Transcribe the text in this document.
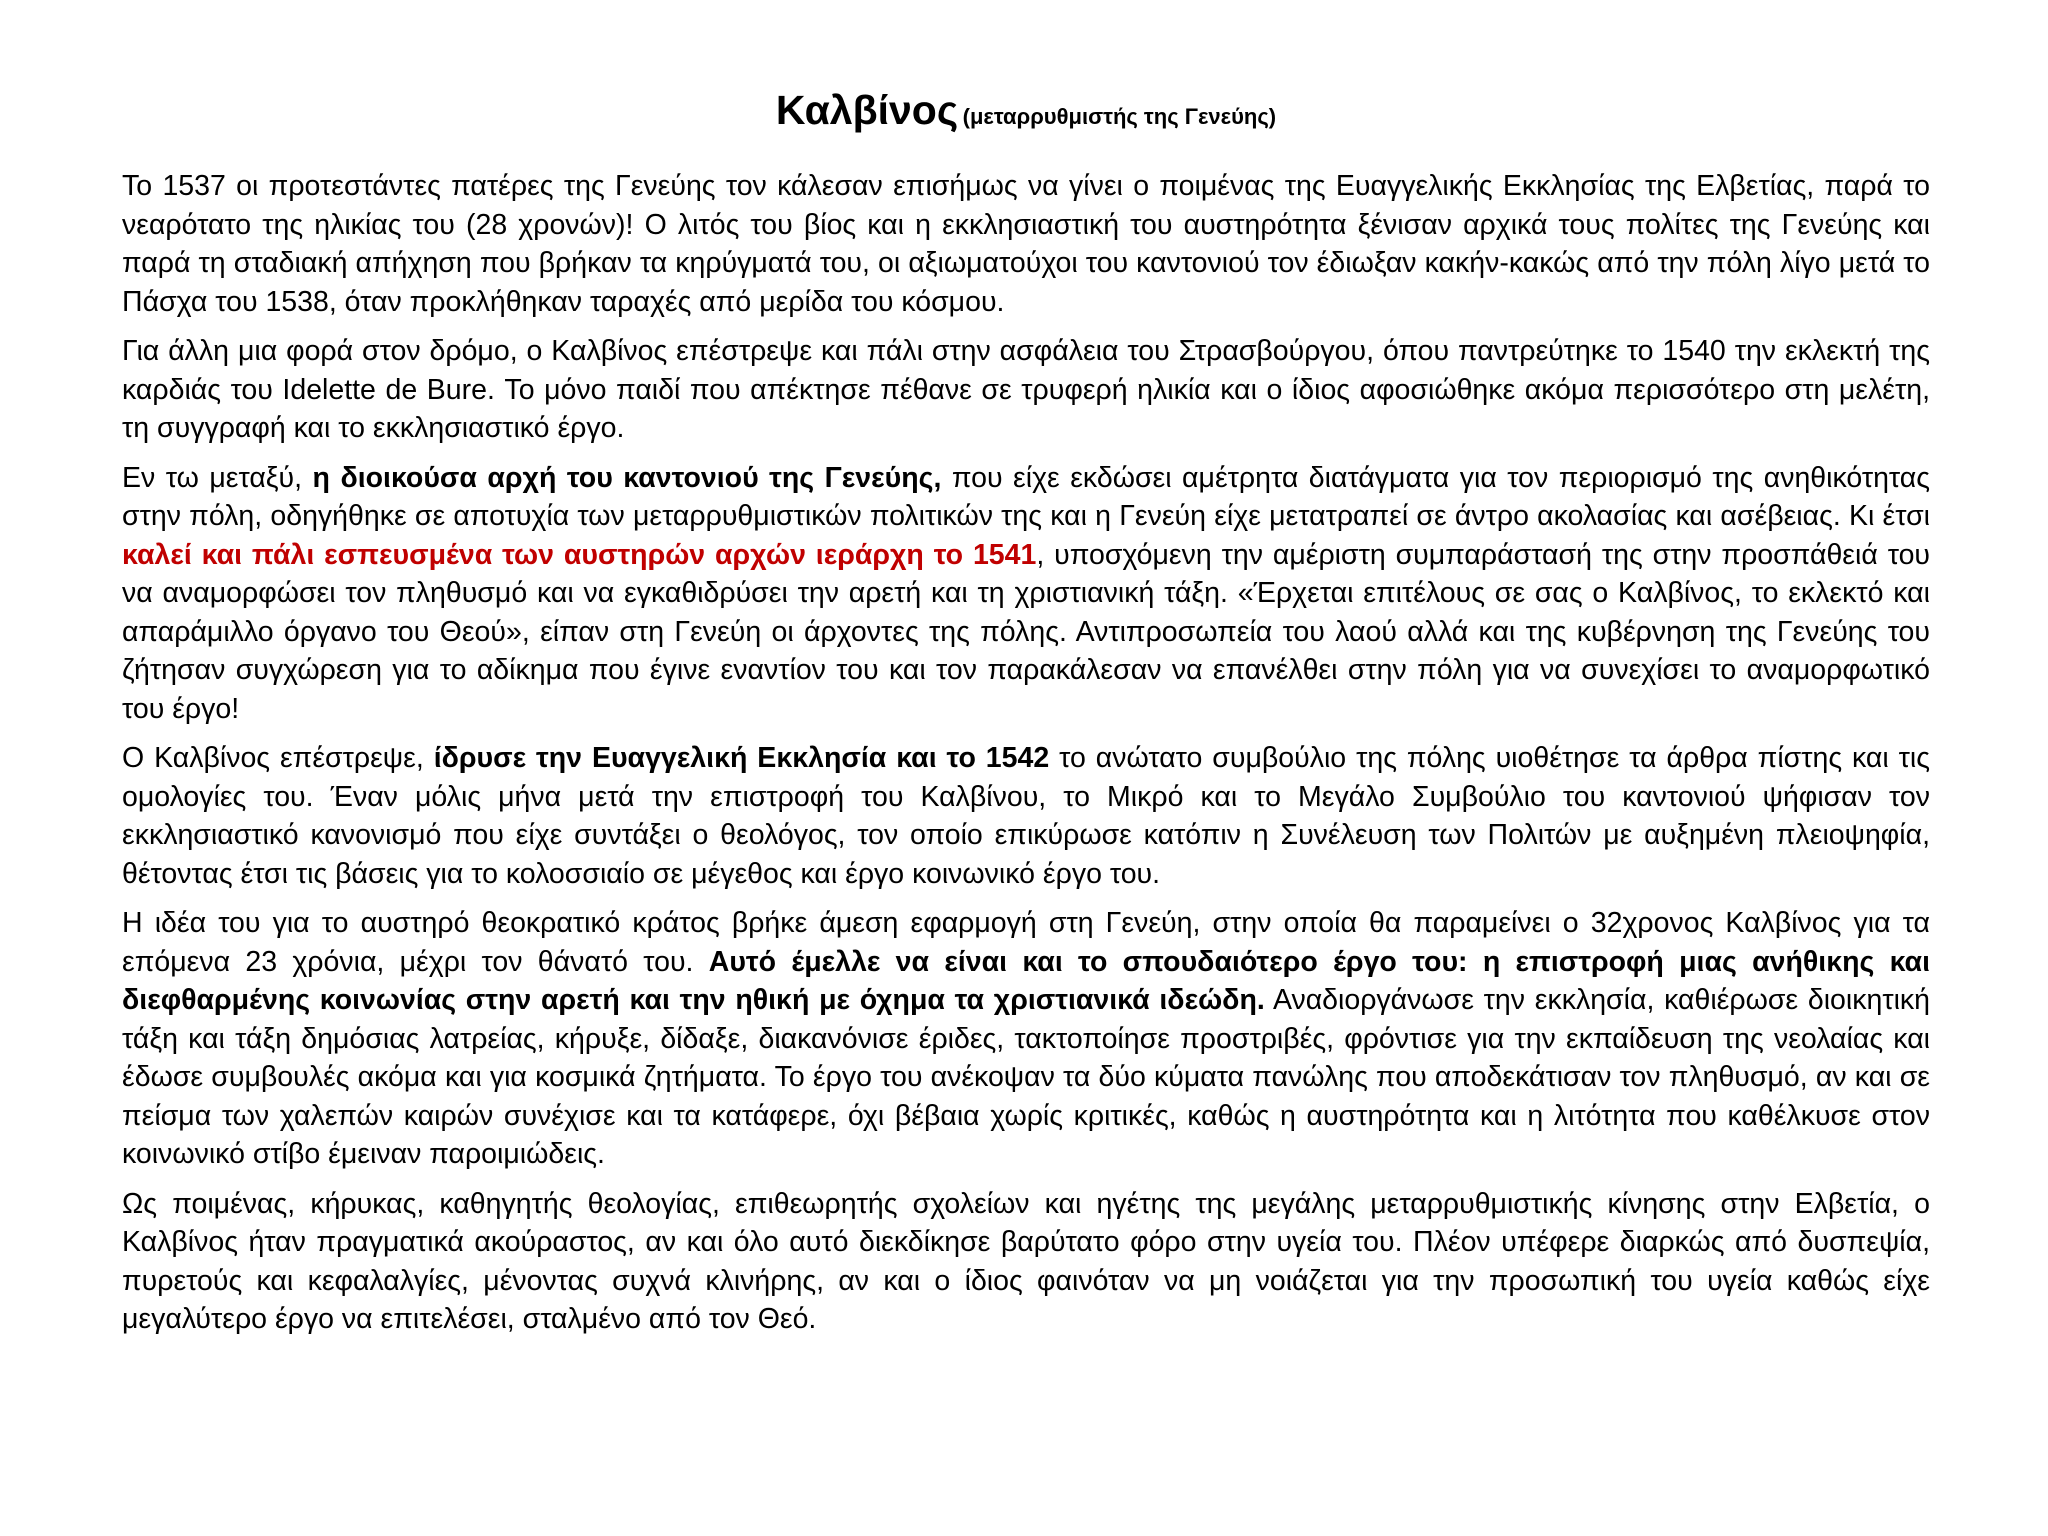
Καλβίνος (μεταρρυθμιστής της Γενεύης)

Το 1537 οι προτεστάντες πατέρες της Γενεύης τον κάλεσαν επισήμως να γίνει ο ποιμένας της Ευαγγελικής Εκκλησίας της Ελβετίας, παρά το νεαρότατο της ηλικίας του (28 χρονών)! Ο λιτός του βίος και η εκκλησιαστική του αυστηρότητα ξένισαν αρχικά τους πολίτες της Γενεύης και παρά τη σταδιακή απήχηση που βρήκαν τα κηρύγματά του, οι αξιωματούχοι του καντονιού τον έδιωξαν κακήν-κακώς από την πόλη λίγο μετά το Πάσχα του 1538, όταν προκλήθηκαν ταραχές από μερίδα του κόσμου.

Για άλλη μια φορά στον δρόμο, ο Καλβίνος επέστρεψε και πάλι στην ασφάλεια του Στρασβούργου, όπου παντρεύτηκε το 1540 την εκλεκτή της καρδιάς του Idelette de Bure. Το μόνο παιδί που απέκτησε πέθανε σε τρυφερή ηλικία και ο ίδιος αφοσιώθηκε ακόμα περισσότερο στη μελέτη, τη συγγραφή και το εκκλησιαστικό έργο.

Εν τω μεταξύ, η διοικούσα αρχή του καντονιού της Γενεύης, που είχε εκδώσει αμέτρητα διατάγματα για τον περιορισμό της ανηθικότητας στην πόλη, οδηγήθηκε σε αποτυχία των μεταρρυθμιστικών πολιτικών της και η Γενεύη είχε μετατραπεί σε άντρο ακολασίας και ασέβειας. Κι έτσι καλεί και πάλι εσπευσμένα των αυστηρών αρχών ιεράρχη το 1541, υποσχόμενη την αμέριστη συμπαράστασή της στην προσπάθειά του να αναμορφώσει τον πληθυσμό και να εγκαθιδρύσει την αρετή και τη χριστιανική τάξη. «Έρχεται επιτέλους σε σας ο Καλβίνος, το εκλεκτό και απαράμιλλο όργανο του Θεού», είπαν στη Γενεύη οι άρχοντες της πόλης. Αντιπροσωπεία του λαού αλλά και της κυβέρνηση της Γενεύης του ζήτησαν συγχώρεση για το αδίκημα που έγινε εναντίον του και τον παρακάλεσαν να επανέλθει στην πόλη για να συνεχίσει το αναμορφωτικό του έργο!

Ο Καλβίνος επέστρεψε, ίδρυσε την Ευαγγελική Εκκλησία και το 1542 το ανώτατο συμβούλιο της πόλης υιοθέτησε τα άρθρα πίστης και τις ομολογίες του. Έναν μόλις μήνα μετά την επιστροφή του Καλβίνου, το Μικρό και το Μεγάλο Συμβούλιο του καντονιού ψήφισαν τον εκκλησιαστικό κανονισμό που είχε συντάξει ο θεολόγος, τον οποίο επικύρωσε κατόπιν η Συνέλευση των Πολιτών με αυξημένη πλειοψηφία, θέτοντας έτσι τις βάσεις για το κολοσσιαίο σε μέγεθος και έργο κοινωνικό έργο του.

Η ιδέα του για το αυστηρό θεοκρατικό κράτος βρήκε άμεση εφαρμογή στη Γενεύη, στην οποία θα παραμείνει ο 32χρονος Καλβίνος για τα επόμενα 23 χρόνια, μέχρι τον θάνατό του. Αυτό έμελλε να είναι και το σπουδαιότερο έργο του: η επιστροφή μιας ανήθικης και διεφθαρμένης κοινωνίας στην αρετή και την ηθική με όχημα τα χριστιανικά ιδεώδη. Αναδιοργάνωσε την εκκλησία, καθιέρωσε διοικητική τάξη και τάξη δημόσιας λατρείας, κήρυξε, δίδαξε, διακανόνισε έριδες, τακτοποίησε προστριβές, φρόντισε για την εκπαίδευση της νεολαίας και έδωσε συμβουλές ακόμα και για κοσμικά ζητήματα. Το έργο του ανέκοψαν τα δύο κύματα πανώλης που αποδεκάτισαν τον πληθυσμό, αν και σε πείσμα των χαλεπών καιρών συνέχισε και τα κατάφερε, όχι βέβαια χωρίς κριτικές, καθώς η αυστηρότητα και η λιτότητα που καθέλκυσε στον κοινωνικό στίβο έμειναν παροιμιώδεις.

Ως ποιμένας, κήρυκας, καθηγητής θεολογίας, επιθεωρητής σχολείων και ηγέτης της μεγάλης μεταρρυθμιστικής κίνησης στην Ελβετία, ο Καλβίνος ήταν πραγματικά ακούραστος, αν και όλο αυτό διεκδίκησε βαρύτατο φόρο στην υγεία του. Πλέον υπέφερε διαρκώς από δυσπεψία, πυρετούς και κεφαλαλγίες, μένοντας συχνά κλινήρης, αν και ο ίδιος φαινόταν να μη νοιάζεται για την προσωπική του υγεία καθώς είχε μεγαλύτερο έργο να επιτελέσει, σταλμένο από τον Θεό.
